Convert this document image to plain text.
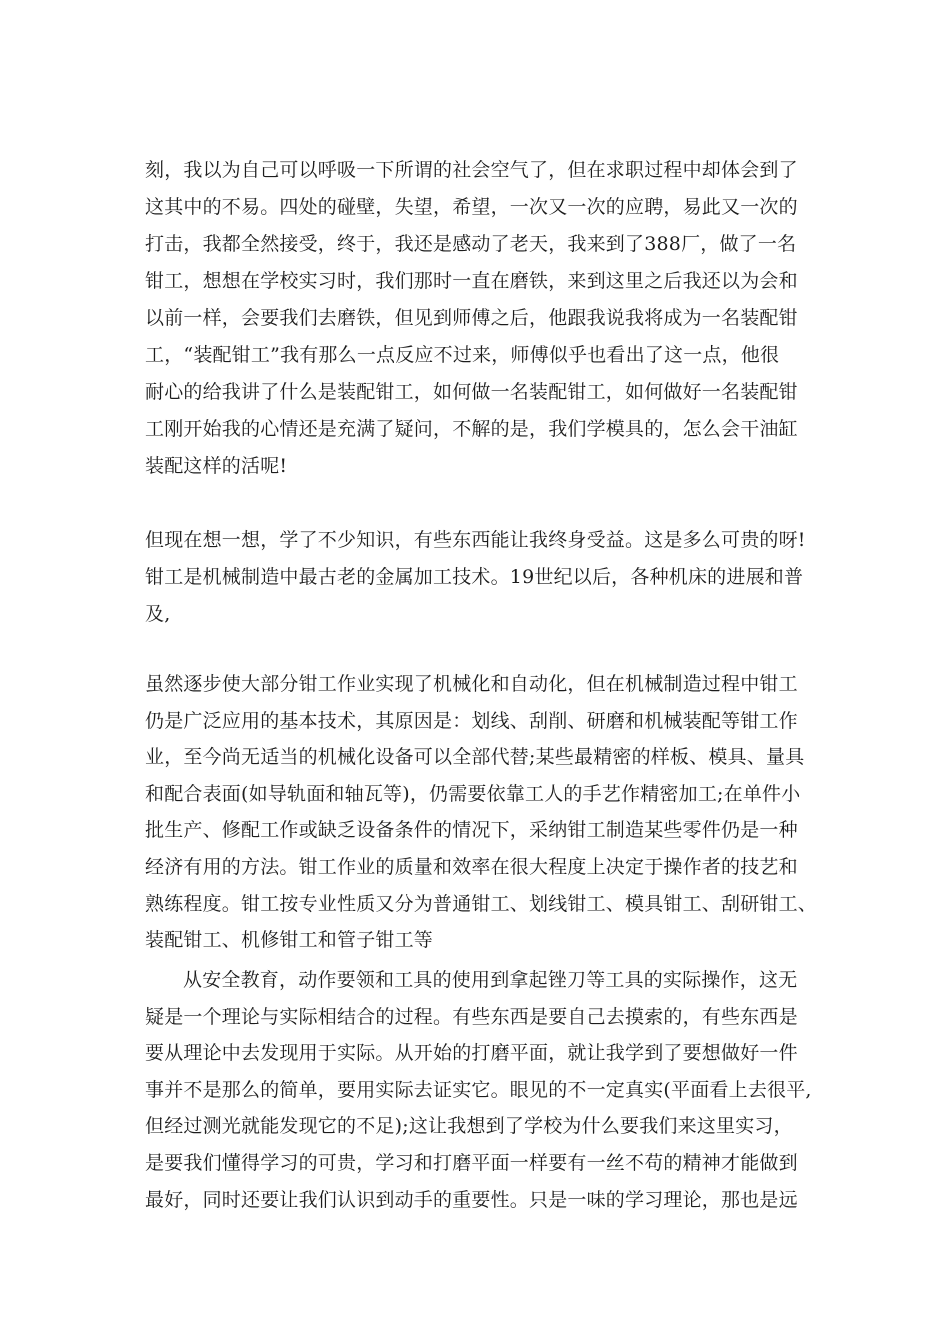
刻，我以为自己可以呼吸一下所谓的社会空气了，但在求职过程中却体会到了
这其中的不易。四处的碰壁，失望，希望，一次又一次的应聘，易此又一次的
打击，我都全然接受，终于，我还是感动了老天，我来到了388厂，做了一名
钳工，想想在学校实习时，我们那时一直在磨铁，来到这里之后我还以为会和
以前一样，会要我们去磨铁，但见到师傅之后，他跟我说我将成为一名装配钳
工，“装配钳工”我有那么一点反应不过来，师傅似乎也看出了这一点，他很
耐心的给我讲了什么是装配钳工，如何做一名装配钳工，如何做好一名装配钳
工刚开始我的心情还是充满了疑问，不解的是，我们学模具的，怎么会干油缸
装配这样的活呢!
但现在想一想，学了不少知识，有些东西能让我终身受益。这是多么可贵的呀!
钳工是机械制造中最古老的金属加工技术。19世纪以后，各种机床的进展和普
及,
虽然逐步使大部分钳工作业实现了机械化和自动化，但在机械制造过程中钳工
仍是广泛应用的基本技术，其原因是：划线、刮削、研磨和机械装配等钳工作
业，至今尚无适当的机械化设备可以全部代替;某些最精密的样板、模具、量具
和配合表面(如导轨面和轴瓦等)，仍需要依靠工人的手艺作精密加工;在单件小
批生产、修配工作或缺乏设备条件的情况下，采纳钳工制造某些零件仍是一种
经济有用的方法。钳工作业的质量和效率在很大程度上决定于操作者的技艺和
熟练程度。钳工按专业性质又分为普通钳工、划线钳工、模具钳工、刮研钳工、
装配钳工、机修钳工和管子钳工等
从安全教育，动作要领和工具的使用到拿起锉刀等工具的实际操作，这无
疑是一个理论与实际相结合的过程。有些东西是要自己去摸索的，有些东西是
要从理论中去发现用于实际。从开始的打磨平面，就让我学到了要想做好一件
事并不是那么的简单，要用实际去证实它。眼见的不一定真实(平面看上去很平,
但经过测光就能发现它的不足);这让我想到了学校为什么要我们来这里实习，
是要我们懂得学习的可贵，学习和打磨平面一样要有一丝不苟的精神才能做到
最好，同时还要让我们认识到动手的重要性。只是一味的学习理论，那也是远
